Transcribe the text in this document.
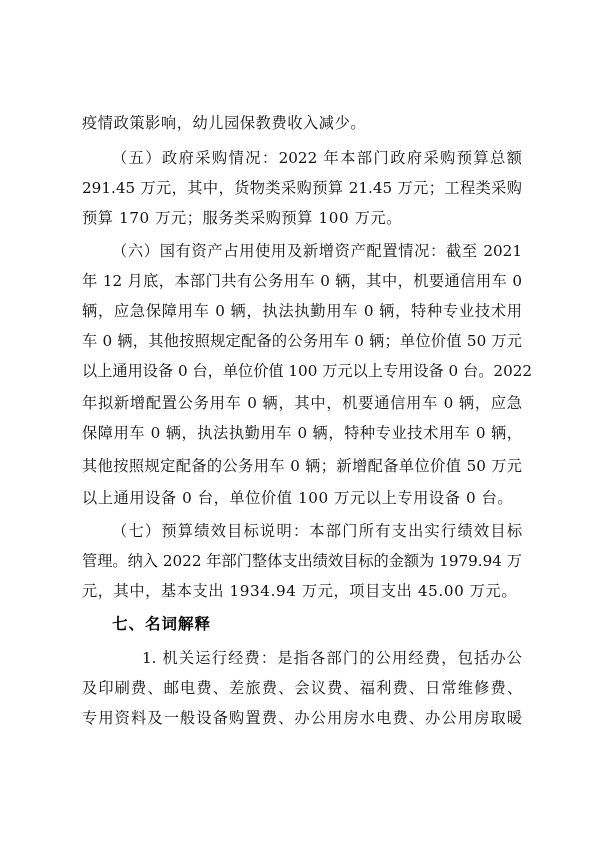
疫情政策影响，幼儿园保教费收入减少。
（五）政府采购情况：2022 年本部门政府采购预算总额
291.45 万元，其中，货物类采购预算 21.45 万元；工程类采购
预算 170 万元；服务类采购预算 100 万元。
（六）国有资产占用使用及新增资产配置情况：截至 2021
年 12 月底，本部门共有公务用车 0 辆，其中，机要通信用车 0
辆，应急保障用车 0 辆，执法执勤用车 0 辆，特种专业技术用
车 0 辆，其他按照规定配备的公务用车 0 辆；单位价值 50 万元
以上通用设备 0 台，单位价值 100 万元以上专用设备 0 台。2022
年拟新增配置公务用车 0 辆，其中，机要通信用车 0 辆，应急
保障用车 0 辆，执法执勤用车 0 辆，特种专业技术用车 0 辆，
其他按照规定配备的公务用车 0 辆；新增配备单位价值 50 万元
以上通用设备 0 台，单位价值 100 万元以上专用设备 0 台。
（七）预算绩效目标说明：本部门所有支出实行绩效目标
管理。纳入 2022 年部门整体支出绩效目标的金额为 1979.94 万
元，其中，基本支出 1934.94 万元，项目支出 45.00 万元。
七、名词解释
1. 机关运行经费：是指各部门的公用经费，包括办公
及印刷费、邮电费、差旅费、会议费、福利费、日常维修费、
专用资料及一般设备购置费、办公用房水电费、办公用房取暖
